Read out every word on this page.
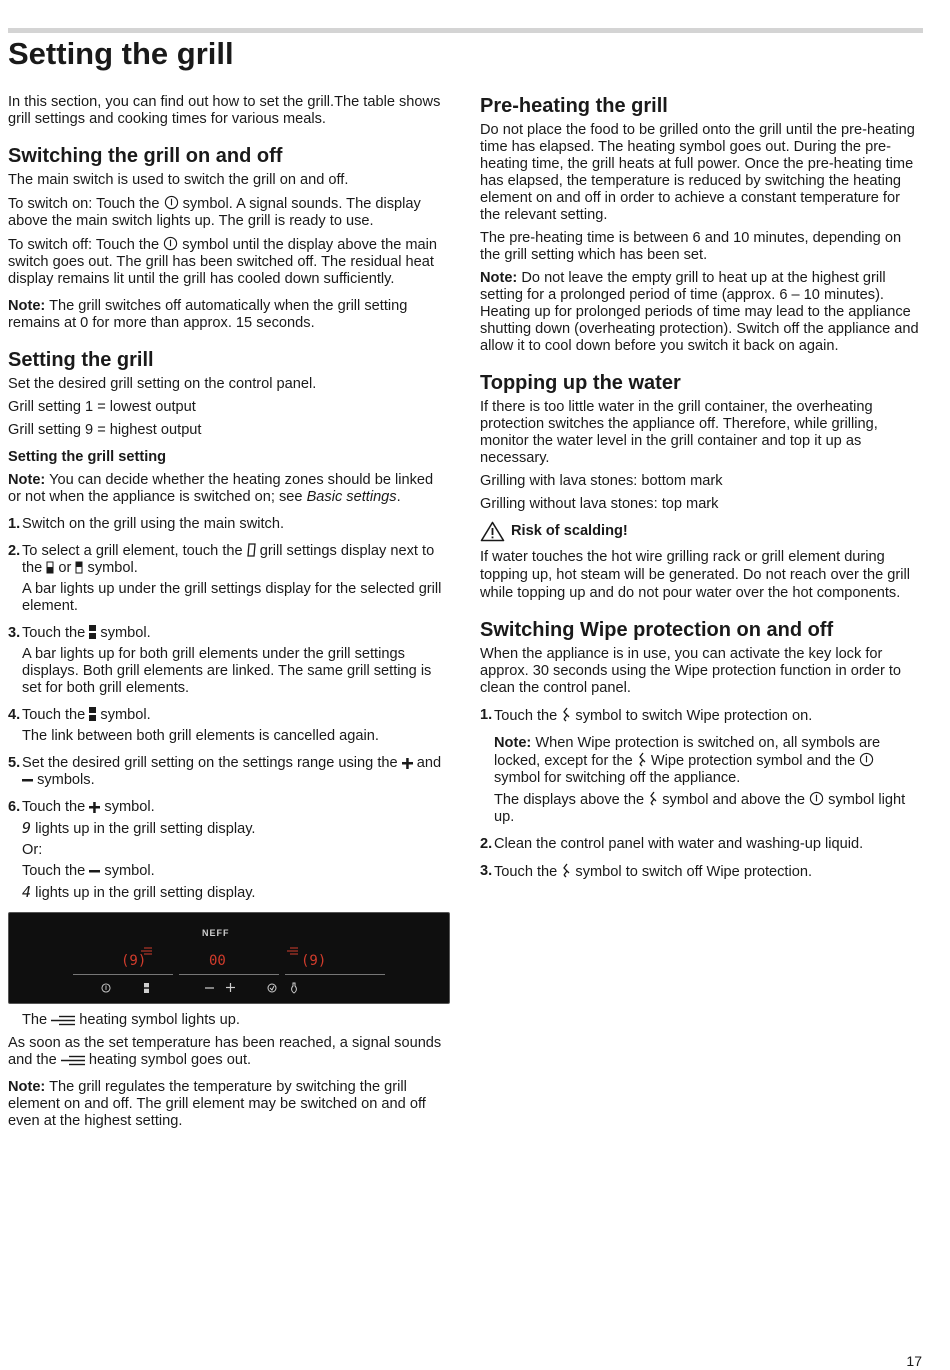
Setting the grill

In this section, you can find out how to set the grill.The table shows grill settings and cooking times for various meals.

Switching the grill on and off

The main switch is used to switch the grill on and off.

To switch on: Touch the symbol. A signal sounds. The display above the main switch lights up. The grill is ready to use.

To switch off: Touch the symbol until the display above the main switch goes out. The grill has been switched off. The residual heat display remains lit until the grill has cooled down sufficiently.

Note: The grill switches off automatically when the grill setting remains at 0 for more than approx. 15 seconds.

Setting the grill

Set the desired grill setting on the control panel.

Grill setting 1 = lowest output

Grill setting 9 = highest output

Setting the grill setting

Note: You can decide whether the heating zones should be linked or not when the appliance is switched on; see Basic settings.

1. Switch on the grill using the main switch.

2. To select a grill element, touch the grill settings display next to the or symbol.

A bar lights up under the grill settings display for the selected grill element.

3. Touch the symbol.

A bar lights up for both grill elements under the grill settings displays. Both grill elements are linked. The same grill setting is set for both grill elements.

4. Touch the symbol.

The link between both grill elements is cancelled again.

5. Set the desired grill setting on the settings range using the and  symbols.

6. Touch the symbol.

9 lights up in the grill setting display.

Or:

Touch the symbol.

4 lights up in the grill setting display.

NEFF
(9)	00	(9)

The heating symbol lights up.

As soon as the set temperature has been reached, a signal sounds and the heating symbol goes out.

Note: The grill regulates the temperature by switching the grill element on and off. The grill element may be switched on and off even at the highest setting.

Pre-heating the grill

Do not place the food to be grilled onto the grill until the pre-heating time has elapsed. The heating symbol goes out. During the pre-heating time, the grill heats at full power. Once the pre-heating time has elapsed, the temperature is reduced by switching the heating element on and off in order to achieve a constant temperature for the relevant setting.

The pre-heating time is between 6 and 10 minutes, depending on the grill setting which has been set.

Note: Do not leave the empty grill to heat up at the highest grill setting for a prolonged period of time (approx. 6 – 10 minutes). Heating up for prolonged periods of time may lead to the appliance shutting down (overheating protection). Switch off the appliance and allow it to cool down before you switch it back on again.

Topping up the water

If there is too little water in the grill container, the overheating protection switches the appliance off. Therefore, while grilling, monitor the water level in the grill container and top it up as necessary.

Grilling with lava stones: bottom mark

Grilling without lava stones: top mark

Risk of scalding!

If water touches the hot wire grilling rack or grill element during topping up, hot steam will be generated. Do not reach over the grill while topping up and do not pour water over the hot components.

Switching Wipe protection on and off

When the appliance is in use, you can activate the key lock for approx. 30 seconds using the Wipe protection function in order to clean the control panel.

1. Touch the symbol to switch Wipe protection on.

Note: When Wipe protection is switched on, all symbols are locked, except for the Wipe protection symbol and the  symbol for switching off the appliance.

The displays above the symbol and above the symbol light up.

2. Clean the control panel with water and washing-up liquid.

3. Touch the symbol to switch off Wipe protection.

17
